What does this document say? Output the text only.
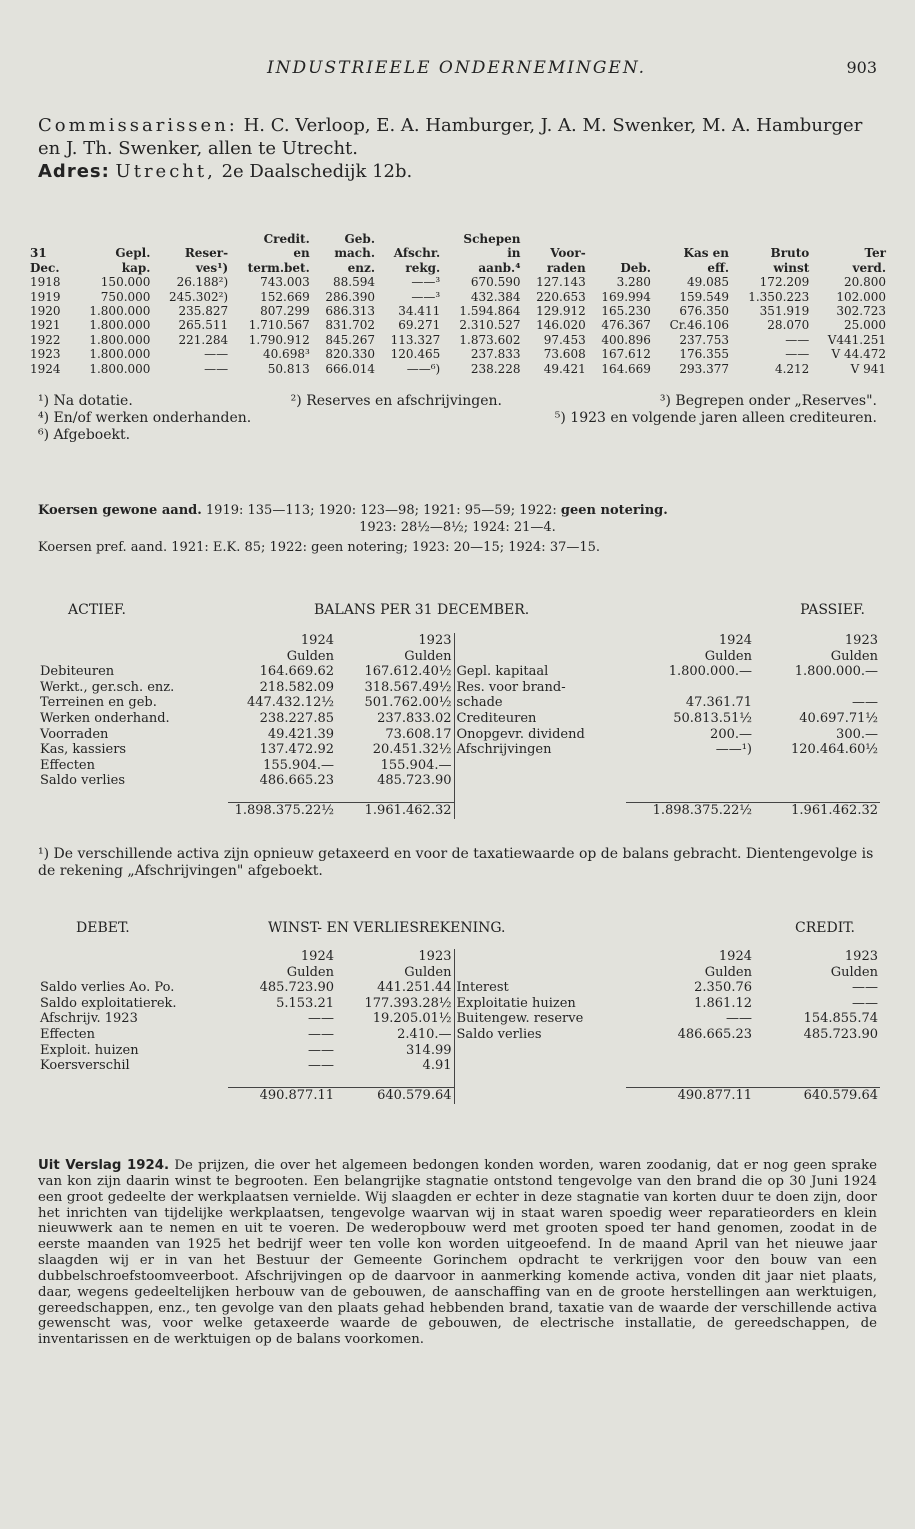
INDUSTRIEELE ONDERNEMINGEN.	903
Commissarissen: H. C. Verloop, E. A. Hamburger, J. A. M. Swenker, M. A. Hamburger en J. Th. Swenker, allen te Utrecht.
Adres: Utrecht, 2e Daalschedijk 12b.
			Credit.	Geb.		Schepen					
31	Gepl.	Reser-	en	mach.	Afschr.	in	Voor-		Kas en	Bruto	Ter
Dec.	kap.	ves¹)	term.bet.	enz.	rekg.	aanb.⁴	raden	Deb.	eff.	winst	verd.
1918	150.000	26.188²)	743.003	88.594	——³	670.590	127.143	3.280	49.085	172.209	20.800
1919	750.000	245.302²)	152.669	286.390	——³	432.384	220.653	169.994	159.549	1.350.223	102.000
1920	1.800.000	235.827	807.299	686.313	34.411	1.594.864	129.912	165.230	676.350	351.919	302.723
1921	1.800.000	265.511	1.710.567	831.702	69.271	2.310.527	146.020	476.367	Cr.46.106	28.070	25.000
1922	1.800.000	221.284	1.790.912	845.267	113.327	1.873.602	97.453	400.896	237.753	——	V441.251
1923	1.800.000	——	40.698³	820.330	120.465	237.833	73.608	167.612	176.355	——	V 44.472
1924	1.800.000	——	50.813	666.014	——⁶)	238.228	49.421	164.669	293.377	4.212	V 941
¹) Na dotatie.	²) Reserves en afschrijvingen.	³) Begrepen onder „Reserves".
⁴) En/of werken onderhanden.	⁵) 1923 en volgende jaren alleen crediteuren.
⁶) Afgeboekt.
Koersen gewone aand. 1919: 135—113; 1920: 123—98; 1921: 95—59; 1922: geen notering.
1923: 28½—8½; 1924: 21—4.
Koersen pref. aand. 1921: E.K. 85; 1922: geen notering; 1923: 20—15; 1924: 37—15.
ACTIEF.	BALANS PER 31 DECEMBER.	PASSIEF.
	1924	1923		1924	1923
	Gulden	Gulden		Gulden	Gulden
Debiteuren	164.669.62	167.612.40½	Gepl. kapitaal	1.800.000.—	1.800.000.—
Werkt., ger.sch. enz.	218.582.09	318.567.49½	Res. voor brand-		
Terreinen en geb.	447.432.12½	501.762.00½	schade	47.361.71	——
Werken onderhand.	238.227.85	237.833.02	Crediteuren	50.813.51½	40.697.71½
Voorraden	49.421.39	73.608.17	Onopgevr. dividend	200.—	300.—
Kas, kassiers	137.472.92	20.451.32½	Afschrijvingen	——¹)	120.464.60½
Effecten	155.904.—	155.904.—			
Saldo verlies	486.665.23	485.723.90			

	1.898.375.22½	1.961.462.32		1.898.375.22½	1.961.462.32
¹) De verschillende activa zijn opnieuw getaxeerd en voor de taxatiewaarde op de balans gebracht. Dientengevolge is de rekening „Afschrijvingen" afgeboekt.
DEBET.	WINST- EN VERLIESREKENING.	CREDIT.
	1924	1923		1924	1923
	Gulden	Gulden		Gulden	Gulden
Saldo verlies Ao. Po.	485.723.90	441.251.44	Interest	2.350.76	——
Saldo exploitatierek.	5.153.21	177.393.28½	Exploitatie huizen	1.861.12	——
Afschrijv. 1923	——	19.205.01½	Buitengew. reserve	——	154.855.74
Effecten	——	2.410.—	Saldo verlies	486.665.23	485.723.90
Exploit. huizen	——	314.99			
Koersverschil	——	4.91			

	490.877.11	640.579.64		490.877.11	640.579.64
Uit Verslag 1924. De prijzen, die over het algemeen bedongen konden worden, waren zoodanig, dat er nog geen sprake van kon zijn daarin winst te begrooten. Een belangrijke stagnatie ontstond tengevolge van den brand die op 30 Juni 1924 een groot gedeelte der werkplaatsen vernielde. Wij slaagden er echter in deze stagnatie van korten duur te doen zijn, door het inrichten van tijdelijke werkplaatsen, tengevolge waarvan wij in staat waren spoedig weer reparatieorders en klein nieuwwerk aan te nemen en uit te voeren. De wederopbouw werd met grooten spoed ter hand genomen, zoodat in de eerste maanden van 1925 het bedrijf weer ten volle kon worden uitgeoefend. In de maand April van het nieuwe jaar slaagden wij er in van het Bestuur der Gemeente Gorinchem opdracht te verkrijgen voor den bouw van een dubbelschroefstoomveerboot. Afschrijvingen op de daarvoor in aanmerking komende activa, vonden dit jaar niet plaats, daar, wegens gedeeltelijken herbouw van de gebouwen, de aanschaffing van en de groote herstellingen aan werktuigen, gereedschappen, enz., ten gevolge van den plaats gehad hebbenden brand, taxatie van de waarde der verschillende activa gewenscht was, voor welke getaxeerde waarde de gebouwen, de electrische installatie, de gereedschappen, de inventarissen en de werktuigen op de balans voorkomen.
